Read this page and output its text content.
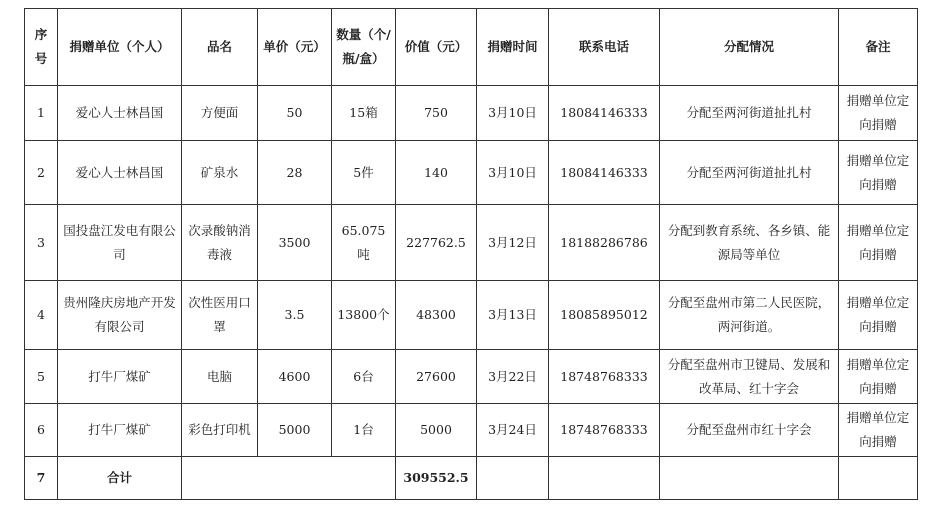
序号	捐赠单位（个人）	品名	单价（元）	数量（个/瓶/盒）	价值（元）	捐赠时间	联系电话	分配情况	备注
1	爱心人士林昌国	方便面	50	15箱	750	3月10日	18084146333	分配至两河街道扯扎村	捐赠单位定向捐赠
2	爱心人士林昌国	矿泉水	28	5件	140	3月10日	18084146333	分配至两河街道扯扎村	捐赠单位定向捐赠
3	国投盘江发电有限公司	次录酸钠消毒液	3500	65.075吨	227762.5	3月12日	18188286786	分配到教育系统、各乡镇、能源局等单位	捐赠单位定向捐赠
4	贵州隆庆房地产开发有限公司	次性医用口罩	3.5	13800个	48300	3月13日	18085895012	分配至盘州市第二人民医院，两河街道。	捐赠单位定向捐赠
5	打牛厂煤矿	电脑	4600	6台	27600	3月22日	18748768333	分配至盘州市卫键局、发展和改革局、红十字会	捐赠单位定向捐赠
6	打牛厂煤矿	彩色打印机	5000	1台	5000	3月24日	18748768333	分配至盘州市红十字会	捐赠单位定向捐赠
7	合计				309552.5				
